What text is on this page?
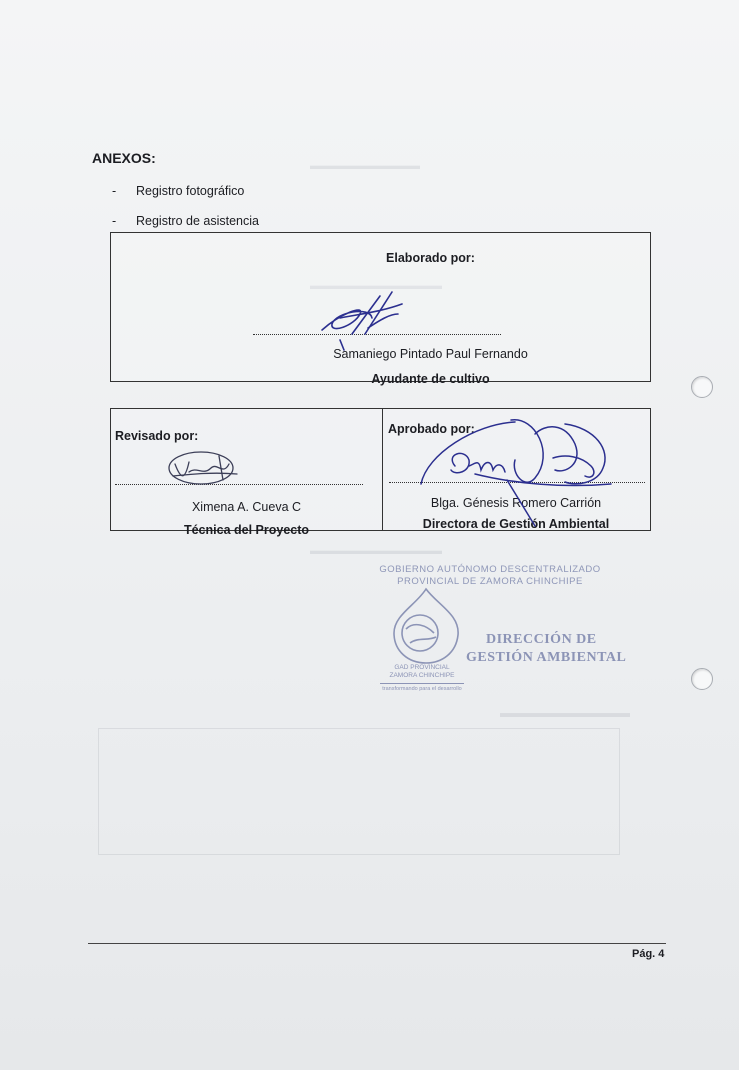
▬▬▬▬▬▬▬▬▬▬
▬▬▬▬▬▬▬▬▬▬
▬▬▬▬▬▬▬▬▬▬▬▬
▬▬▬▬▬▬▬▬▬▬▬▬
ANEXOS:
- Registro fotográfico
- Registro de asistencia
Elaborado por:
Samaniego Pintado Paul Fernando
Ayudante de cultivo
Revisado por:
Ximena A. Cueva C
Técnica del Proyecto
Aprobado por:
Blga. Génesis Romero Carrión
Directora de Gestión Ambiental
GOBIERNO AUTÓNOMO DESCENTRALIZADO
PROVINCIAL DE ZAMORA CHINCHIPE
DIRECCIÓN DE
GESTIÓN AMBIENTAL
GAD PROVINCIAL
ZAMORA CHINCHIPE
transformando para el desarrollo
Pág. 4
